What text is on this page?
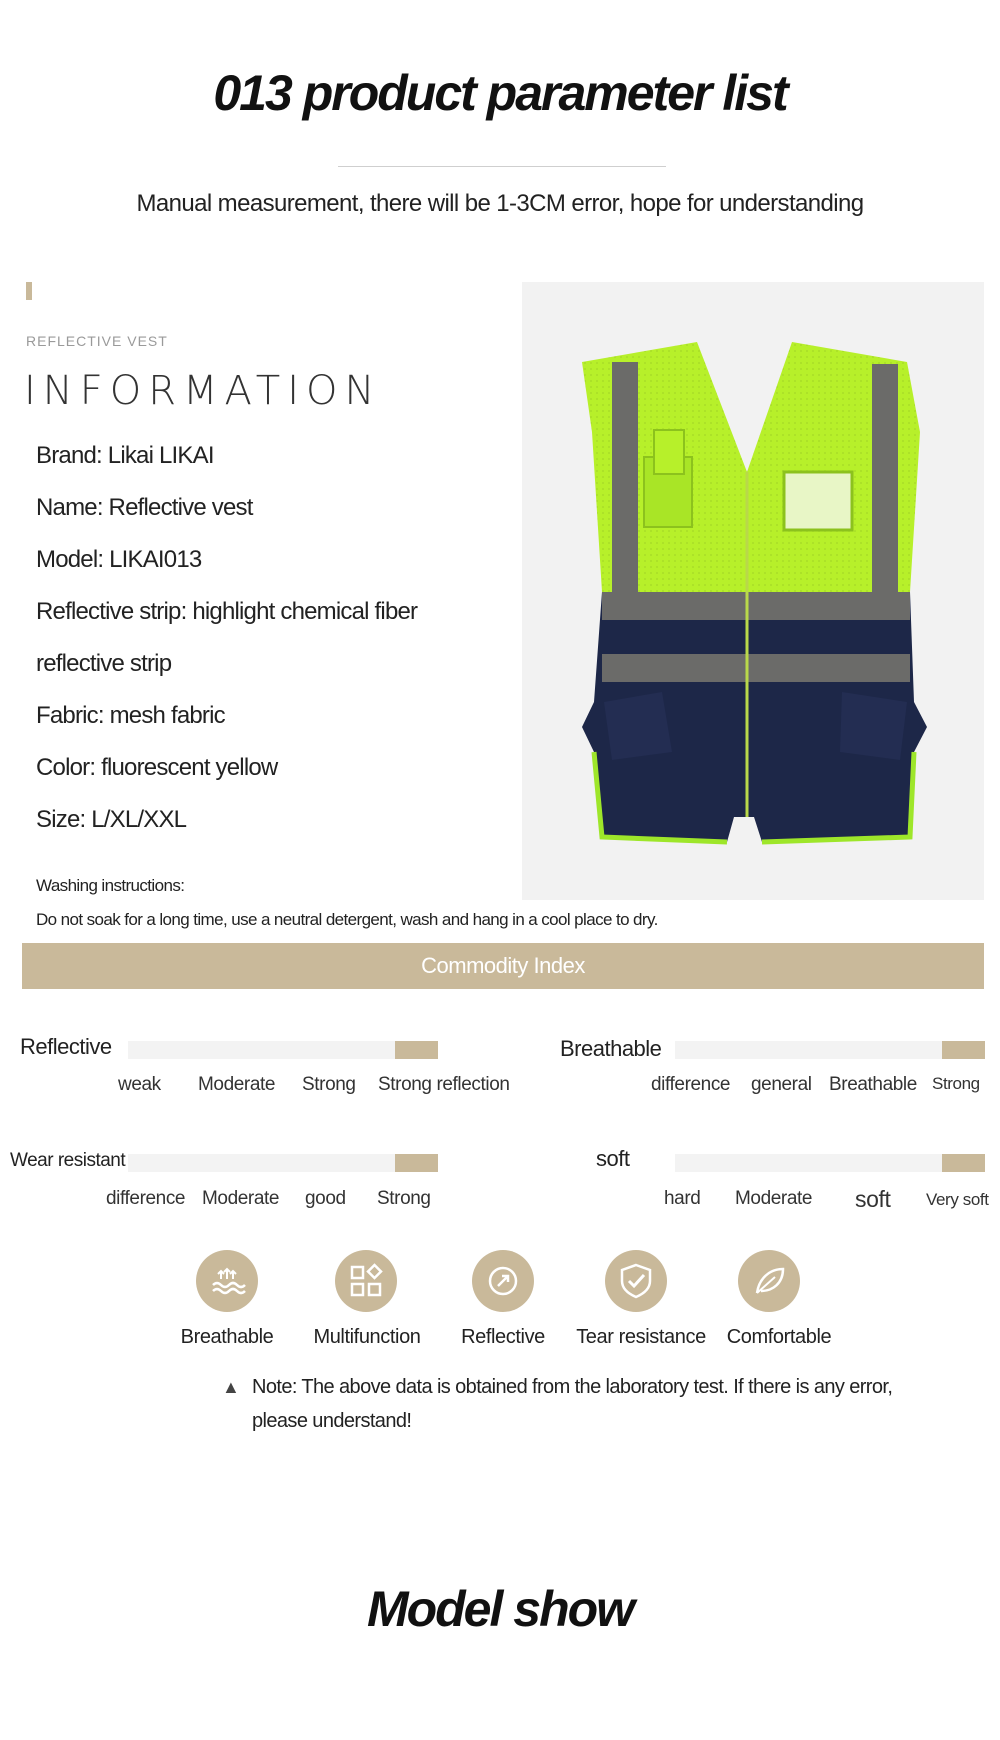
013 product parameter list
Manual measurement, there will be 1-3CM error, hope for understanding
REFLECTIVE VEST
INFORMATION
Brand: Likai LIKAI
Name: Reflective vest
Model: LIKAI013
Reflective strip: highlight chemical fiber
reflective strip
Fabric: mesh fabric
Color: fluorescent yellow
Size: L/XL/XXL
Washing instructions:
Do not soak for a long time, use a neutral detergent, wash and hang in a cool place to dry.
Commodity Index
Reflective
weak Moderate Strong Strong reflection
Breathable
difference general Breathable Strong
Wear resistant
difference Moderate good Strong
soft
hard Moderate soft Very soft
Breathable	Multifunction	Reflective	Tear resistance	Comfortable
▲ Note: The above data is obtained from the laboratory test. If there is any error,
please understand!
Model show
